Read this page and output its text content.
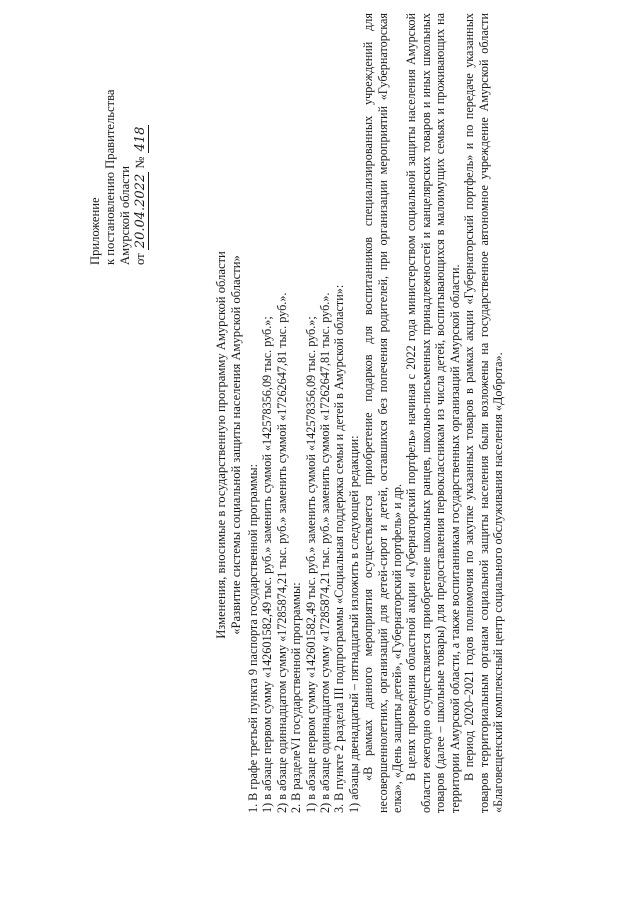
Приложение к постановлению Правительства Амурской области от 20.04.2022 № 418
Изменения, вносимые в государственную программу Амурской области «Развитие системы социальной защиты населения Амурской области»

1. В графе третьей пункта 9 паспорта государственной программы: 1) в абзаце первом сумму «142601582,49 тыс. руб.» заменить суммой «142578356,09 тыс. руб.»; 2) в абзаце одиннадцатом сумму «17285874,21 тыс. руб.» заменить суммой «17262647,81 тыс. руб.». 2. В разделеVI государственной программы: 1) в абзаце первом сумму «142601582,49 тыс. руб.» заменить суммой «142578356,09 тыс. руб.»; 2) в абзаце одиннадцатом сумму «17285874,21 тыс. руб.» заменить суммой «17262647,81 тыс. руб.». 3. В пункте 2 раздела III подпрограммы «Социальная поддержка семьи и детей в Амурской области»: 1) абзацы двенадцатый – пятнадцатый изложить в следующей редакции: «В рамках данного мероприятия осуществляется приобретение подарков для воспитанников специализированных учреждений для несовершеннолетних, организаций для детей-сирот и детей, оставшихся без попечения родителей, при организации мероприятий «Губернаторская елка», «День защиты детей», «Губернаторский портфель» и др. В целях проведения областной акции «Губернаторский портфель» начиная с 2022 года министерством социальной защиты населения Амурской области ежегодно осуществляется приобретение школьных ранцев, школьно-письменных принадлежностей и канцелярских товаров и иных школьных товаров (далее – школьные товары) для предоставления первоклассникам из числа детей, воспитывающихся в малоимущих семьях и проживающих на территории Амурской области, а также воспитанникам государственных организаций Амурской области. В период 2020–2021 годов полномочия по закупке указанных товаров в рамках акции «Губернаторский портфель» и по передаче указанных товаров территориальным органам социальной защиты населения были возложены на государственное автономное учреждение Амурской области «Благовещенский комплексный центр социального обслуживания населения «Доброта».
